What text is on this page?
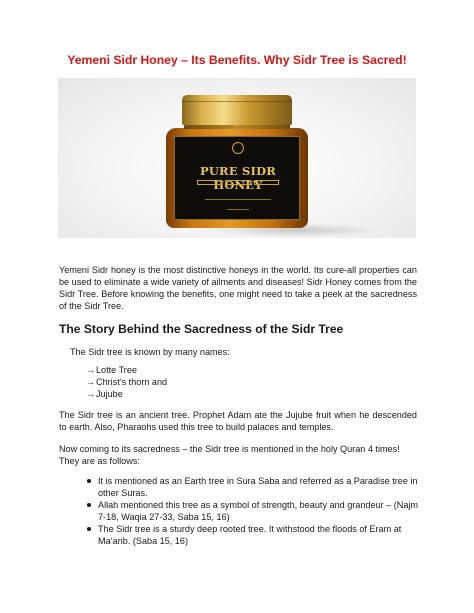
Yemeni Sidr Honey – Its Benefits. Why Sidr Tree is Sacred!
PURE SIDR HONEY
Yemeni Sidr honey is the most distinctive honeys in the world. Its cure-all properties can be used to eliminate a wide variety of ailments and diseases! Sidr Honey comes from the Sidr Tree. Before knowing the benefits, one might need to take a peek at the sacredness of the Sidr Tree.
The Story Behind the Sacredness of the Sidr Tree
The Sidr tree is known by many names:
→Lotte Tree
→Christ’s thorn and
→Jujube
The Sidr tree is an ancient tree. Prophet Adam ate the Jujube fruit when he descended to earth. Also, Pharaohs used this tree to build palaces and temples.
Now coming to its sacredness – the Sidr tree is mentioned in the holy Quran 4 times! They are as follows:
It is mentioned as an Earth tree in Sura Saba and referred as a Paradise tree in other Suras.
Allah mentioned this tree as a symbol of strength, beauty and grandeur – (Najm 7-18, Waqia 27-33, Saba 15, 16)
The Sidr tree is a sturdy deep rooted tree. It withstood the floods of Eram at Ma’arib. (Saba 15, 16)
